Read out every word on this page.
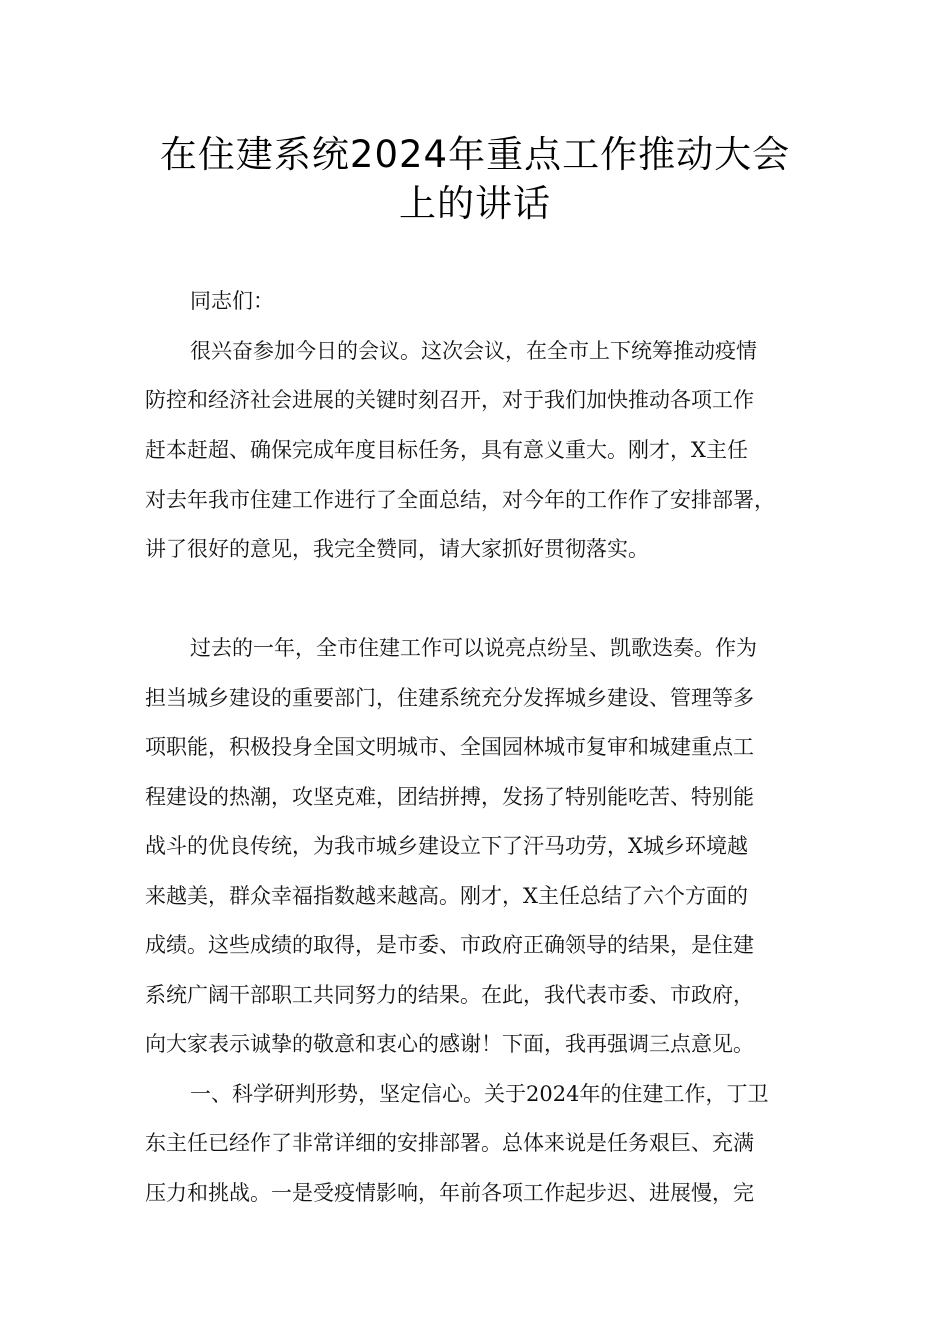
在住建系统2024年重点工作推动大会
上的讲话

同志们：

很兴奋参加今日的会议。这次会议，在全市上下统筹推动疫情

防控和经济社会进展的关键时刻召开，对于我们加快推动各项工作

赶本赶超、确保完成年度目标任务，具有意义重大。刚才，X主任

对去年我市住建工作进行了全面总结，对今年的工作作了安排部署，

讲了很好的意见，我完全赞同，请大家抓好贯彻落实。

过去的一年，全市住建工作可以说亮点纷呈、凯歌迭奏。作为

担当城乡建设的重要部门，住建系统充分发挥城乡建设、管理等多

项职能，积极投身全国文明城市、全国园林城市复审和城建重点工

程建设的热潮，攻坚克难，团结拼搏，发扬了特别能吃苦、特别能

战斗的优良传统，为我市城乡建设立下了汗马功劳，X城乡环境越

来越美，群众幸福指数越来越高。刚才，X主任总结了六个方面的

成绩。这些成绩的取得，是市委、市政府正确领导的结果，是住建

系统广阔干部职工共同努力的结果。在此，我代表市委、市政府，

向大家表示诚挚的敬意和衷心的感谢！下面，我再强调三点意见。

一、科学研判形势，坚定信心。关于2024年的住建工作，丁卫

东主任已经作了非常详细的安排部署。总体来说是任务艰巨、充满

压力和挑战。一是受疫情影响，年前各项工作起步迟、进展慢，完
